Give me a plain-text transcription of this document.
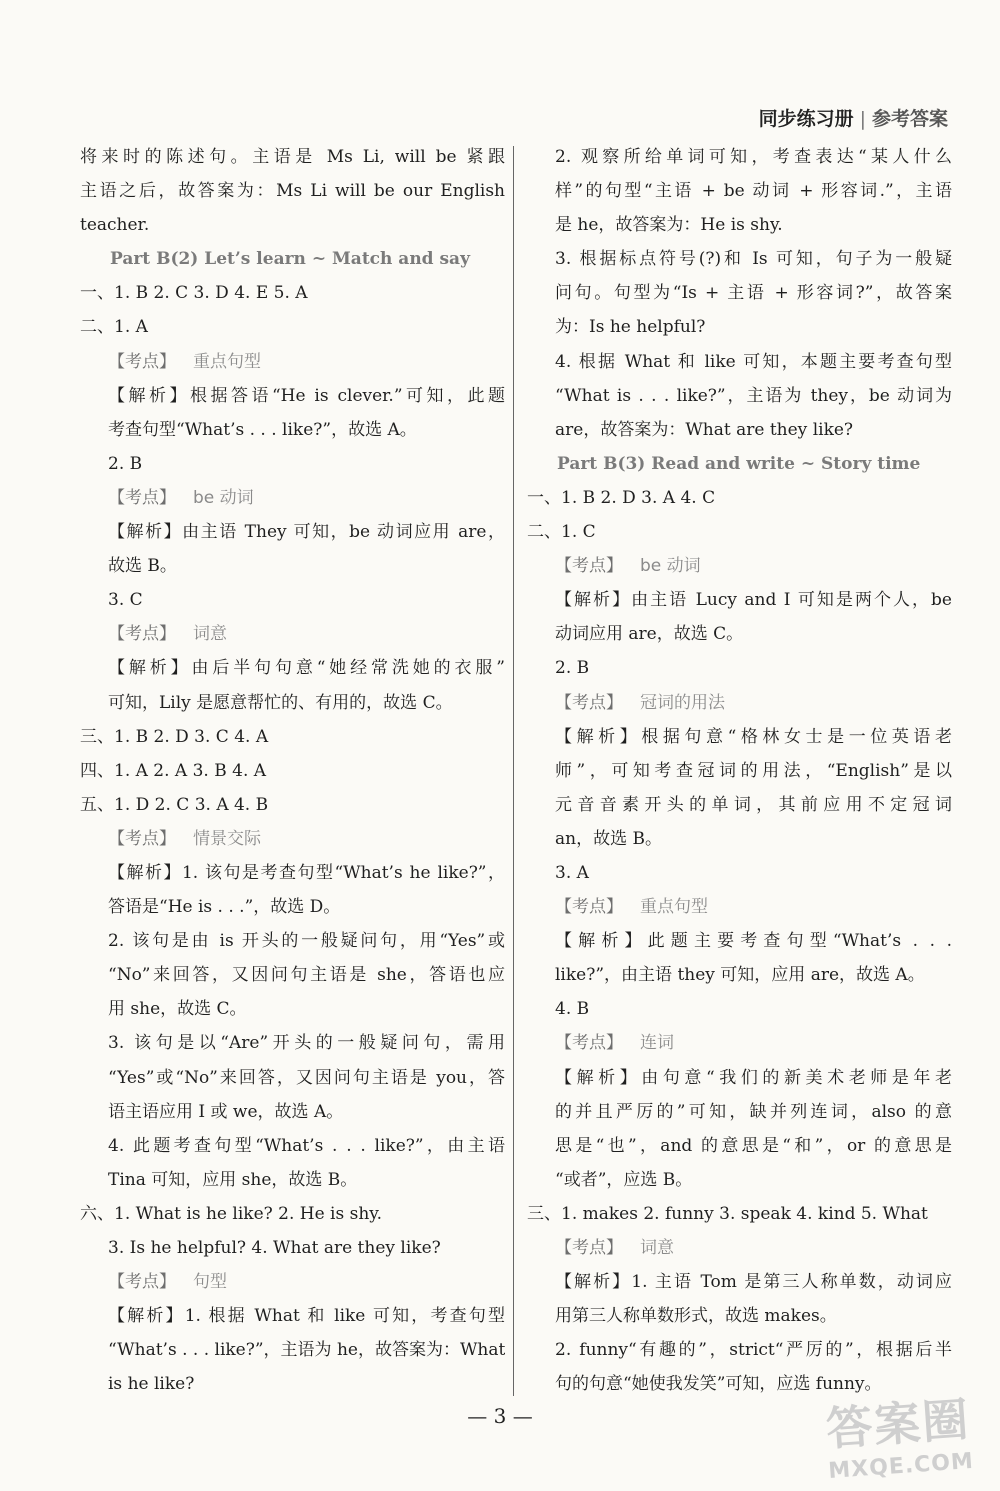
同步练习册 | 参考答案
将来时的陈述句。主语是 Ms Li, will be 紧跟
主语之后，故答案为：Ms Li will be our English
teacher.
Part B(2) Let’s learn ~ Match and say
一、1. B 2. C 3. D 4. E 5. A
二、1. A
【考点】  重点句型
【解析】根据答语“He is clever.”可知，此题
考查句型“What’s . . . like?”，故选 A。
2. B
【考点】  be 动词
【解析】由主语 They 可知，be 动词应用 are，
故选 B。
3. C
【考点】  词意
【解析】由后半句句意“她经常洗她的衣服”
可知，Lily 是愿意帮忙的、有用的，故选 C。
三、1. B 2. D 3. C 4. A
四、1. A 2. A 3. B 4. A
五、1. D 2. C 3. A 4. B
【考点】  情景交际
【解析】1. 该句是考查句型“What’s he like?”，
答语是“He is . . .”，故选 D。
2. 该句是由 is 开头的一般疑问句，用“Yes”或
“No”来回答，又因问句主语是 she，答语也应
用 she，故选 C。
3. 该句是以“Are”开头的一般疑问句，需用
“Yes”或“No”来回答，又因问句主语是 you，答
语主语应用 I 或 we，故选 A。
4. 此题考查句型“What’s . . . like?”，由主语
Tina 可知，应用 she，故选 B。
六、1. What is he like? 2. He is shy.
3. Is he helpful? 4. What are they like?
【考点】  句型
【解析】1. 根据 What 和 like 可知，考查句型
“What’s . . . like?”，主语为 he，故答案为：What
is he like?
2. 观察所给单词可知，考查表达“某人什么
样”的句型“主语 + be 动词 + 形容词.”，主语
是 he，故答案为：He is shy.
3. 根据标点符号(?)和 Is 可知，句子为一般疑
问句。句型为“Is + 主语 + 形容词?”，故答案
为：Is he helpful?
4. 根据 What 和 like 可知，本题主要考查句型
“What is . . . like?”，主语为 they，be 动词为
are，故答案为：What are they like?
Part B(3) Read and write ~ Story time
一、1. B 2. D 3. A 4. C
二、1. C
【考点】  be 动词
【解析】由主语 Lucy and I 可知是两个人，be
动词应用 are，故选 C。
2. B
【考点】  冠词的用法
【解析】根据句意“格林女士是一位英语老
师”，可知考查冠词的用法，“English”是以
元音音素开头的单词，其前应用不定冠词
an，故选 B。
3. A
【考点】  重点句型
【解析】此题主要考查句型“What’s . . .
like?”，由主语 they 可知，应用 are，故选 A。
4. B
【考点】  连词
【解析】由句意“我们的新美术老师是年老
的并且严厉的”可知，缺并列连词，also 的意
思是“也”，and 的意思是“和”，or 的意思是
“或者”，应选 B。
三、1. makes 2. funny 3. speak 4. kind 5. What
【考点】  词意
【解析】1. 主语 Tom 是第三人称单数，动词应
用第三人称单数形式，故选 makes。
2. funny“有趣的”，strict“严厉的”，根据后半
句的句意“她使我发笑”可知，应选 funny。
— 3 —	答案圈
MXQE.COM
